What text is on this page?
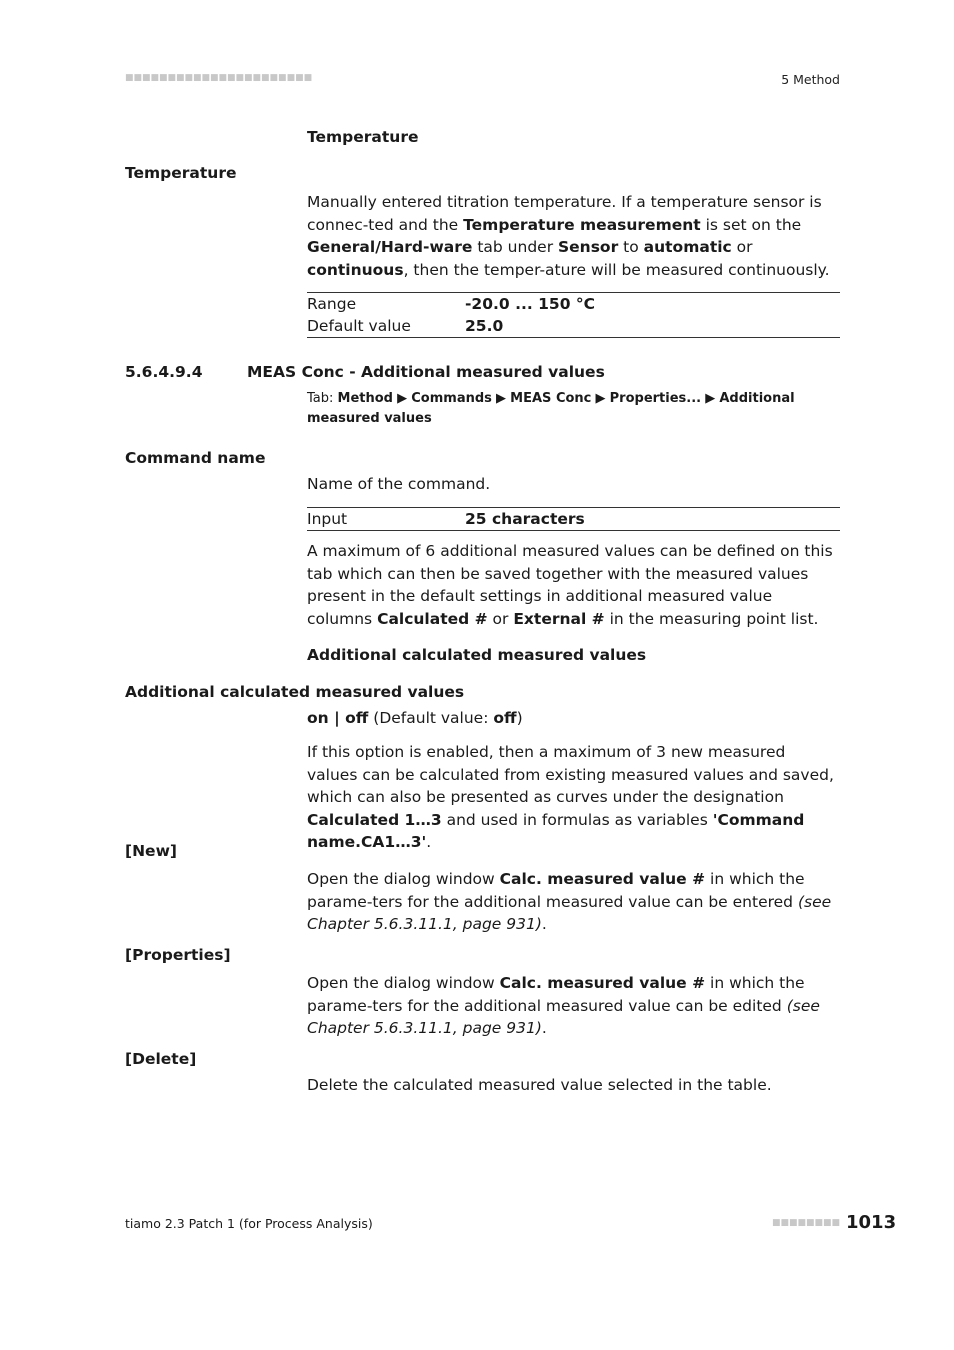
■■■■■■■■■■■■■■■■■■■■■■	5 Method
Temperature
Temperature

Manually entered titration temperature. If a temperature sensor is connec-ted and the Temperature measurement is set on the General/Hard-ware tab under Sensor to automatic or continuous, then the temper-ature will be measured continuously.

Range	-20.0 ... 150 °C
Default value	25.0
5.6.4.9.4	MEAS Conc - Additional measured values
Tab: Method ▶ Commands ▶ MEAS Conc ▶ Properties... ▶ Additional measured values
Command name
Name of the command.
Input	25 characters

A maximum of 6 additional measured values can be defined on this tab which can then be saved together with the measured values present in the default settings in additional measured value columns Calculated # or External # in the measuring point list.

Additional calculated measured values
Additional calculated measured values
on | off (Default value: off)

If this option is enabled, then a maximum of 3 new measured values can be calculated from existing measured values and saved, which can also be presented as curves under the designation Calculated 1…3 and used in formulas as variables 'Command name.CA1…3'.

[New]

Open the dialog window Calc. measured value # in which the parame-ters for the additional measured value can be entered (see Chapter 5.6.3.11.1, page 931).

[Properties]

Open the dialog window Calc. measured value # in which the parame-ters for the additional measured value can be edited (see Chapter 5.6.3.11.1, page 931).

[Delete]
Delete the calculated measured value selected in the table.
tiamo 2.3 Patch 1 (for Process Analysis)	■■■■■■■■ 1013
